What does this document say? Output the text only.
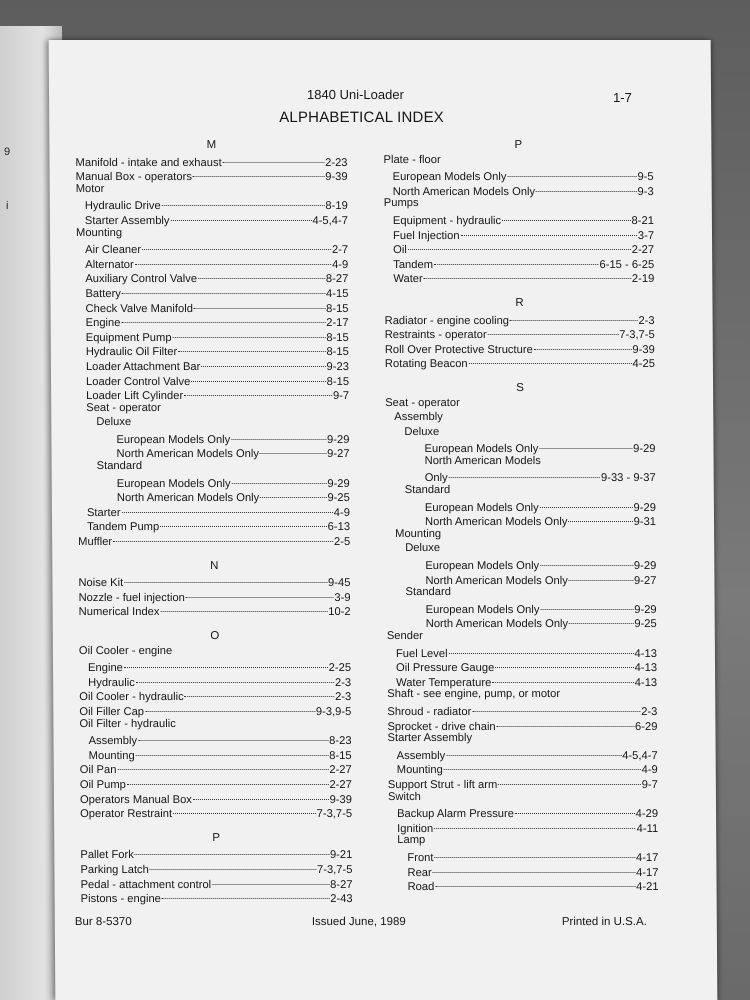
9
i
1840 Uni-Loader	1-7
ALPHABETICAL INDEX
M
Manifold - intake and exhaust	2-23
Manual Box - operators	9-39
Motor
Hydraulic Drive	8-19
Starter Assembly	4-5,4-7
Mounting
Air Cleaner	2-7
Alternator	4-9
Auxiliary Control Valve	8-27
Battery	4-15
Check Valve Manifold	8-15
Engine	2-17
Equipment Pump	8-15
Hydraulic Oil Filter	8-15
Loader Attachment Bar	9-23
Loader Control Valve	8-15
Loader Lift Cylinder	9-7
Seat - operator
Deluxe
European Models Only	9-29
North American Models Only	9-27
Standard
European Models Only	9-29
North American Models Only	9-25
Starter	4-9
Tandem Pump	6-13
Muffler	2-5
N
Noise Kit	9-45
Nozzle - fuel injection	3-9
Numerical Index	10-2
O
Oil Cooler - engine
Engine	2-25
Hydraulic	2-3
Oil Cooler - hydraulic	2-3
Oil Filler Cap	9-3,9-5
Oil Filter - hydraulic
Assembly	8-23
Mounting	8-15
Oil Pan	2-27
Oil Pump	2-27
Operators Manual Box	9-39
Operator Restraint	7-3,7-5
P
Pallet Fork	9-21
Parking Latch	7-3,7-5
Pedal - attachment control	8-27
Pistons - engine	2-43
P
Plate - floor
European Models Only	9-5
North American Models Only	9-3
Pumps
Equipment - hydraulic	8-21
Fuel Injection	3-7
Oil	2-27
Tandem	6-15 - 6-25
Water	2-19
R
Radiator - engine cooling	2-3
Restraints - operator	7-3,7-5
Roll Over Protective Structure	9-39
Rotating Beacon	4-25
S
Seat - operator
Assembly
Deluxe
European Models Only	9-29
North American Models
Only	9-33 - 9-37
Standard
European Models Only	9-29
North American Models Only	9-31
Mounting
Deluxe
European Models Only	9-29
North American Models Only	9-27
Standard
European Models Only	9-29
North American Models Only	9-25
Sender
Fuel Level	4-13
Oil Pressure Gauge	4-13
Water Temperature	4-13
Shaft - see engine, pump, or motor
Shroud - radiator	2-3
Sprocket - drive chain	6-29
Starter Assembly
Assembly	4-5,4-7
Mounting	4-9
Support Strut - lift arm	9-7
Switch
Backup Alarm Pressure	4-29
Ignition	4-11
Lamp
Front	4-17
Rear	4-17
Road	4-21
Bur 8-5370	Issued June, 1989	Printed in U.S.A.
